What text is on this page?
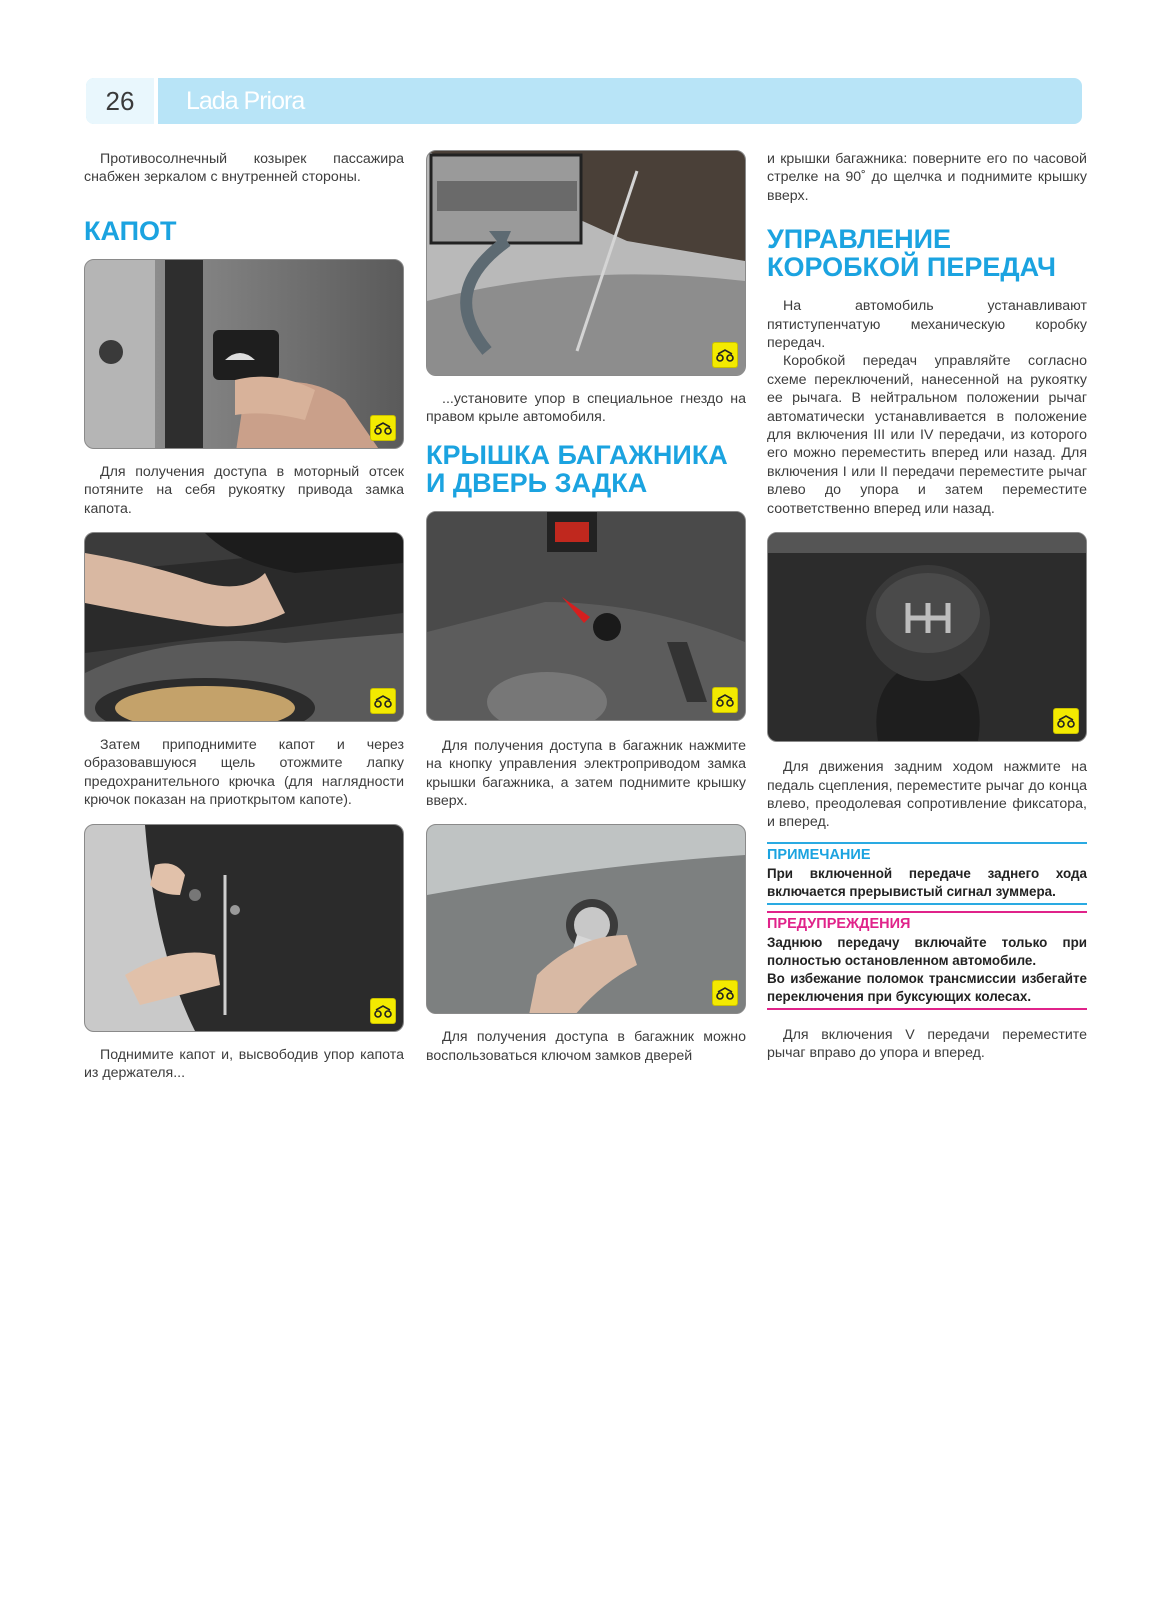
26	Lada Priora

Противосолнечный козырек пассажира снабжен зеркалом с внутренней стороны.

КАПОТ

Для получения доступа в моторный отсек потяните на себя рукоятку привода замка капота.

Затем приподнимите капот и через образовавшуюся щель отожмите лапку предохранительного крючка (для наглядности крючок показан на приоткрытом капоте).

Поднимите капот и, высвободив упор капота из держателя...

...установите упор в специальное гнездо на правом крыле автомобиля.

КРЫШКА БАГАЖНИКА
И ДВЕРЬ ЗАДКА

Для получения доступа в багажник нажмите на кнопку управления электроприводом замка крышки багажника, а затем поднимите крышку вверх.

Для получения доступа в багажник можно воспользоваться ключом замков дверей

и крышки багажника: поверните его по часовой стрелке на 90˚ до щелчка и поднимите крышку вверх.

УПРАВЛЕНИЕ
КОРОБКОЙ ПЕРЕДАЧ

На автомобиль устанавливают пятиступенчатую механическую коробку передач.

Коробкой передач управляйте согласно схеме переключений, нанесенной на рукоятку ее рычага. В нейтральном положении рычаг автоматически устанавливается в положение для включения III или IV передачи, из которого его можно переместить вперед или назад. Для включения I или II передачи переместите рычаг влево до упора и затем переместите соответственно вперед или назад.

Для движения задним ходом нажмите на педаль сцепления, переместите рычаг до конца влево, преодолевая сопротивление фиксатора, и вперед.

ПРИМЕЧАНИЕ
При включенной передаче заднего хода включается прерывистый сигнал зуммера.
ПРЕДУПРЕЖДЕНИЯ
Заднюю передачу включайте только при полностью остановленном автомобиле.
Во избежание поломок трансмиссии избегайте переключения при буксующих колесах.

Для включения V передачи переместите рычаг вправо до упора и вперед.
